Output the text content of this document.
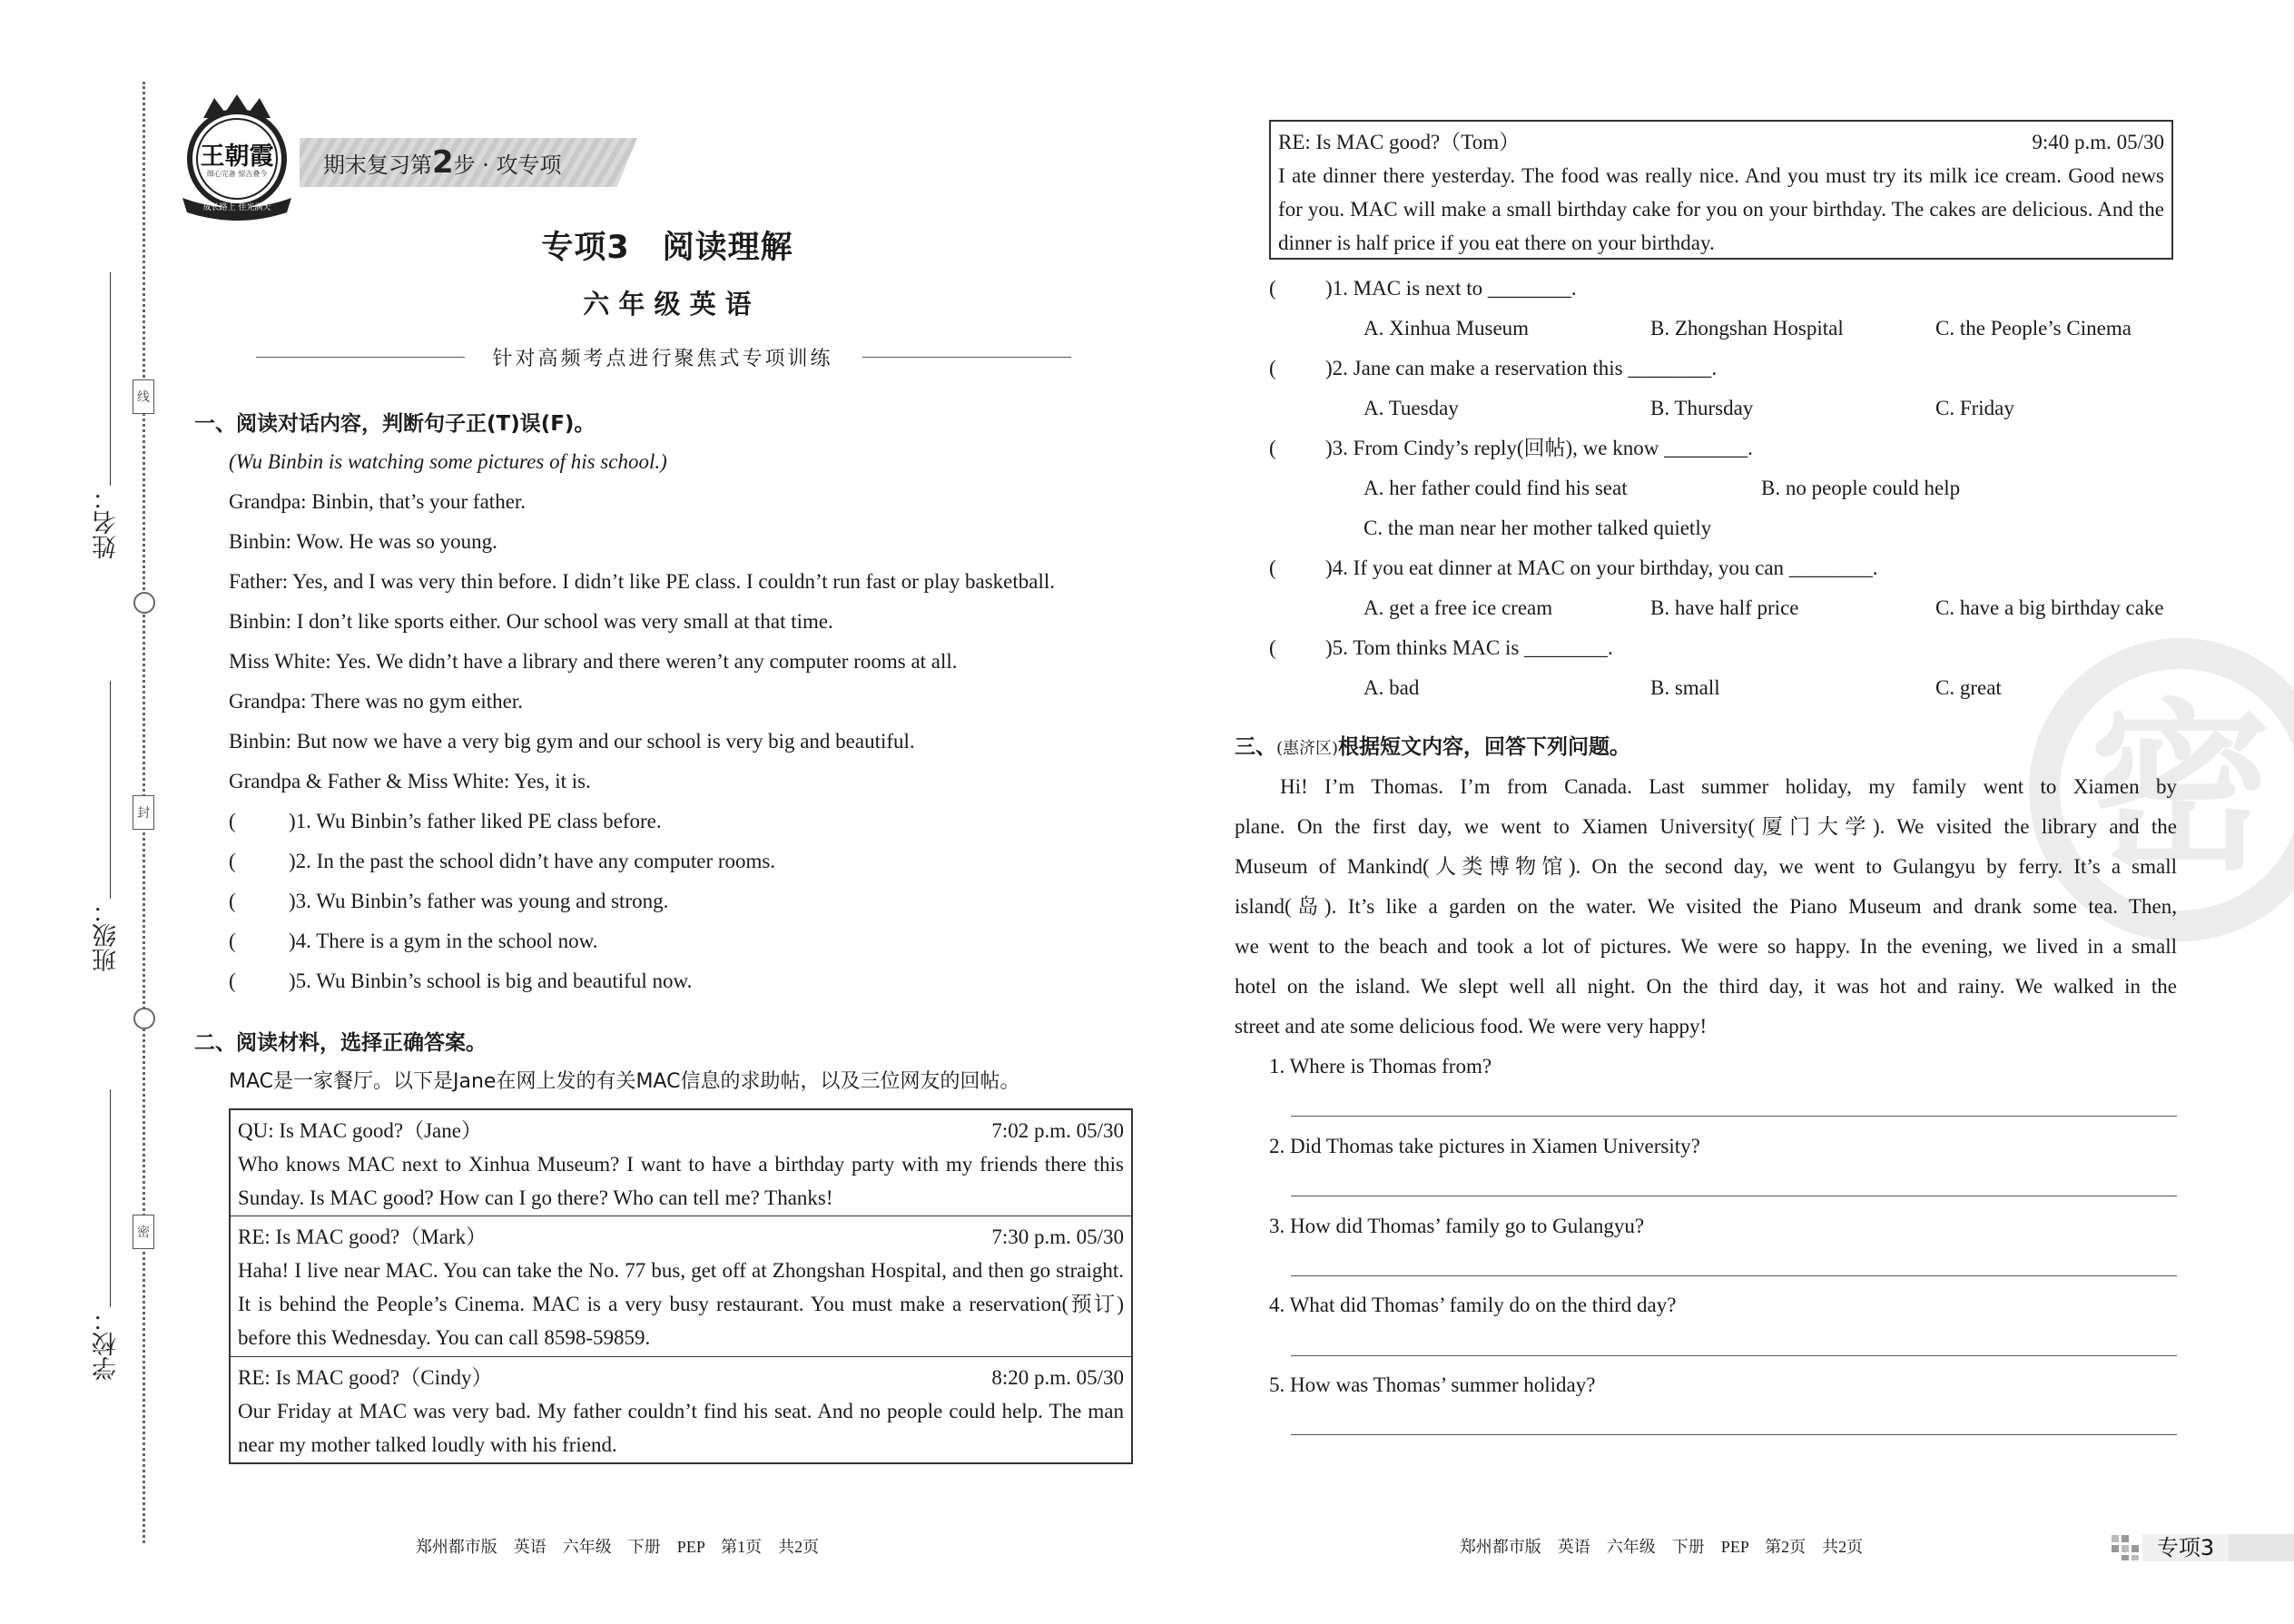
线
封
密
姓名：
班级：
学校：
王朝霞
细心完备 惊古叠今
成长路上 佳光满天
期末复习第2步 · 攻专项
专项3　阅读理解
六 年 级 英 语
针对高频考点进行聚焦式专项训练
一、阅读对话内容，判断句子正(T)误(F)。
(Wu Binbin is watching some pictures of his school.)
Grandpa: Binbin, that’s your father.
Binbin: Wow. He was so young.
Father: Yes, and I was very thin before. I didn’t like PE class. I couldn’t run fast or play basketball.
Binbin: I don’t like sports either. Our school was very small at that time.
Miss White: Yes. We didn’t have a library and there weren’t any computer rooms at all.
Grandpa: There was no gym either.
Binbin: But now we have a very big gym and our school is very big and beautiful.
Grandpa & Father & Miss White: Yes, it is.
(	)1. Wu Binbin’s father liked PE class before.
(	)2. In the past the school didn’t have any computer rooms.
(	)3. Wu Binbin’s father was young and strong.
(	)4. There is a gym in the school now.
(	)5. Wu Binbin’s school is big and beautiful now.
二、阅读材料，选择正确答案。
MAC是一家餐厅。以下是Jane在网上发的有关MAC信息的求助帖，以及三位网友的回帖。
QU: Is MAC good?（Jane）	7:02 p.m. 05/30
Who knows MAC next to Xinhua Museum? I want to have a birthday party with my friends there this Sunday. Is MAC good? How can I go there? Who can tell me? Thanks!
RE: Is MAC good?（Mark）	7:30 p.m. 05/30
Haha! I live near MAC. You can take the No. 77 bus, get off at Zhongshan Hospital, and then go straight. It is behind the People’s Cinema. MAC is a very busy restaurant. You must make a reservation(预订) before this Wednesday. You can call 8598-59859.
RE: Is MAC good?（Cindy）	8:20 p.m. 05/30
Our Friday at MAC was very bad. My father couldn’t find his seat. And no people could help. The man near my mother talked loudly with his friend.
郑州都市版　英语　六年级　下册　PEP　第1页　共2页
RE: Is MAC good?（Tom）	9:40 p.m. 05/30
I ate dinner there yesterday. The food was really nice. And you must try its milk ice cream. Good news for you. MAC will make a small birthday cake for you on your birthday. The cakes are delicious. And the dinner is half price if you eat there on your birthday.
( )1. MAC is next to ________.
A. Xinhua Museum	B. Zhongshan Hospital	C. the People’s Cinema
( )2. Jane can make a reservation this ________.
A. Tuesday	B. Thursday	C. Friday
( )3. From Cindy’s reply(回帖), we know ________.
A. her father could find his seat	B. no people could help
C. the man near her mother talked quietly
( )4. If you eat dinner at MAC on your birthday, you can ________.
A. get a free ice cream	B. have half price	C. have a big birthday cake
( )5. Tom thinks MAC is ________.
A. bad	B. small	C. great 密
三、(惠济区)根据短文内容，回答下列问题。
Hi! I’m Thomas. I’m from Canada. Last summer holiday, my family went to Xiamen by
plane. On the first day, we went to Xiamen University(厦门大学). We visited the library and the
Museum of Mankind(人类博物馆). On the second day, we went to Gulangyu by ferry. It’s a small
island(岛). It’s like a garden on the water. We visited the Piano Museum and drank some tea. Then,
we went to the beach and took a lot of pictures. We were so happy. In the evening, we lived in a small
hotel on the island. We slept well all night. On the third day, it was hot and rainy. We walked in the
street and ate some delicious food. We were very happy!
1. Where is Thomas from?
2. Did Thomas take pictures in Xiamen University?
3. How did Thomas’ family go to Gulangyu?
4. What did Thomas’ family do on the third day?
5. How was Thomas’ summer holiday?
郑州都市版　英语　六年级　下册　PEP　第2页　共2页	专项3
